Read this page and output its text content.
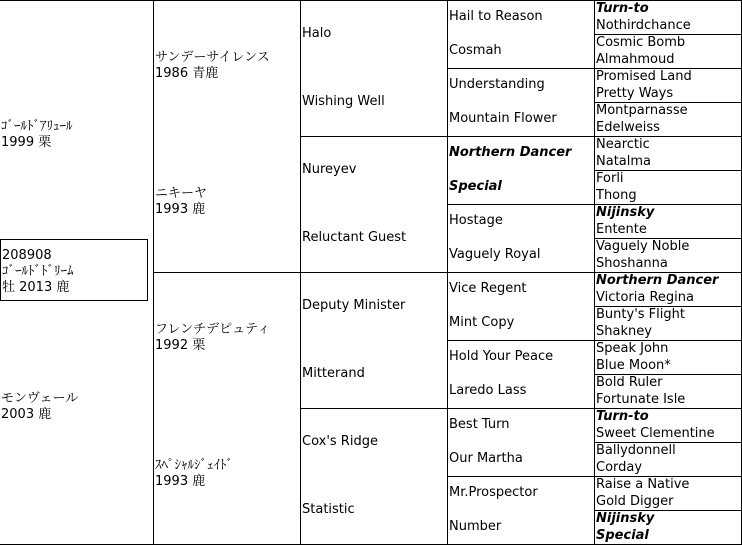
208908
ｺﾞｰﾙﾄﾞﾄﾞﾘｰﾑ
牡 2013 鹿
ｺﾞｰﾙﾄﾞｱﾘｭｰﾙ
1999 栗
モンヴェール
2003 鹿
サンデーサイレンス
1986 青鹿
ニキーヤ
1993 鹿
フレンチデピュティ
1992 栗
ｽﾍﾟｼｬﾙｼﾞｪｲﾄﾞ
1993 鹿
Halo
Wishing Well
Nureyev
Reluctant Guest
Deputy Minister
Mitterand
Cox's Ridge
Statistic
Hail to Reason
Cosmah
Understanding
Mountain Flower
Northern Dancer
Special
Hostage
Vaguely Royal
Vice Regent
Mint Copy
Hold Your Peace
Laredo Lass
Best Turn
Our Martha
Mr.Prospector
Number
Turn-to
Nothirdchance
Cosmic Bomb
Almahmoud
Promised Land
Pretty Ways
Montparnasse
Edelweiss
Nearctic
Natalma
Forli
Thong
Nijinsky
Entente
Vaguely Noble
Shoshanna
Northern Dancer
Victoria Regina
Bunty's Flight
Shakney
Speak John
Blue Moon*
Bold Ruler
Fortunate Isle
Turn-to
Sweet Clementine
Ballydonnell
Corday
Raise a Native
Gold Digger
Nijinsky
Special
